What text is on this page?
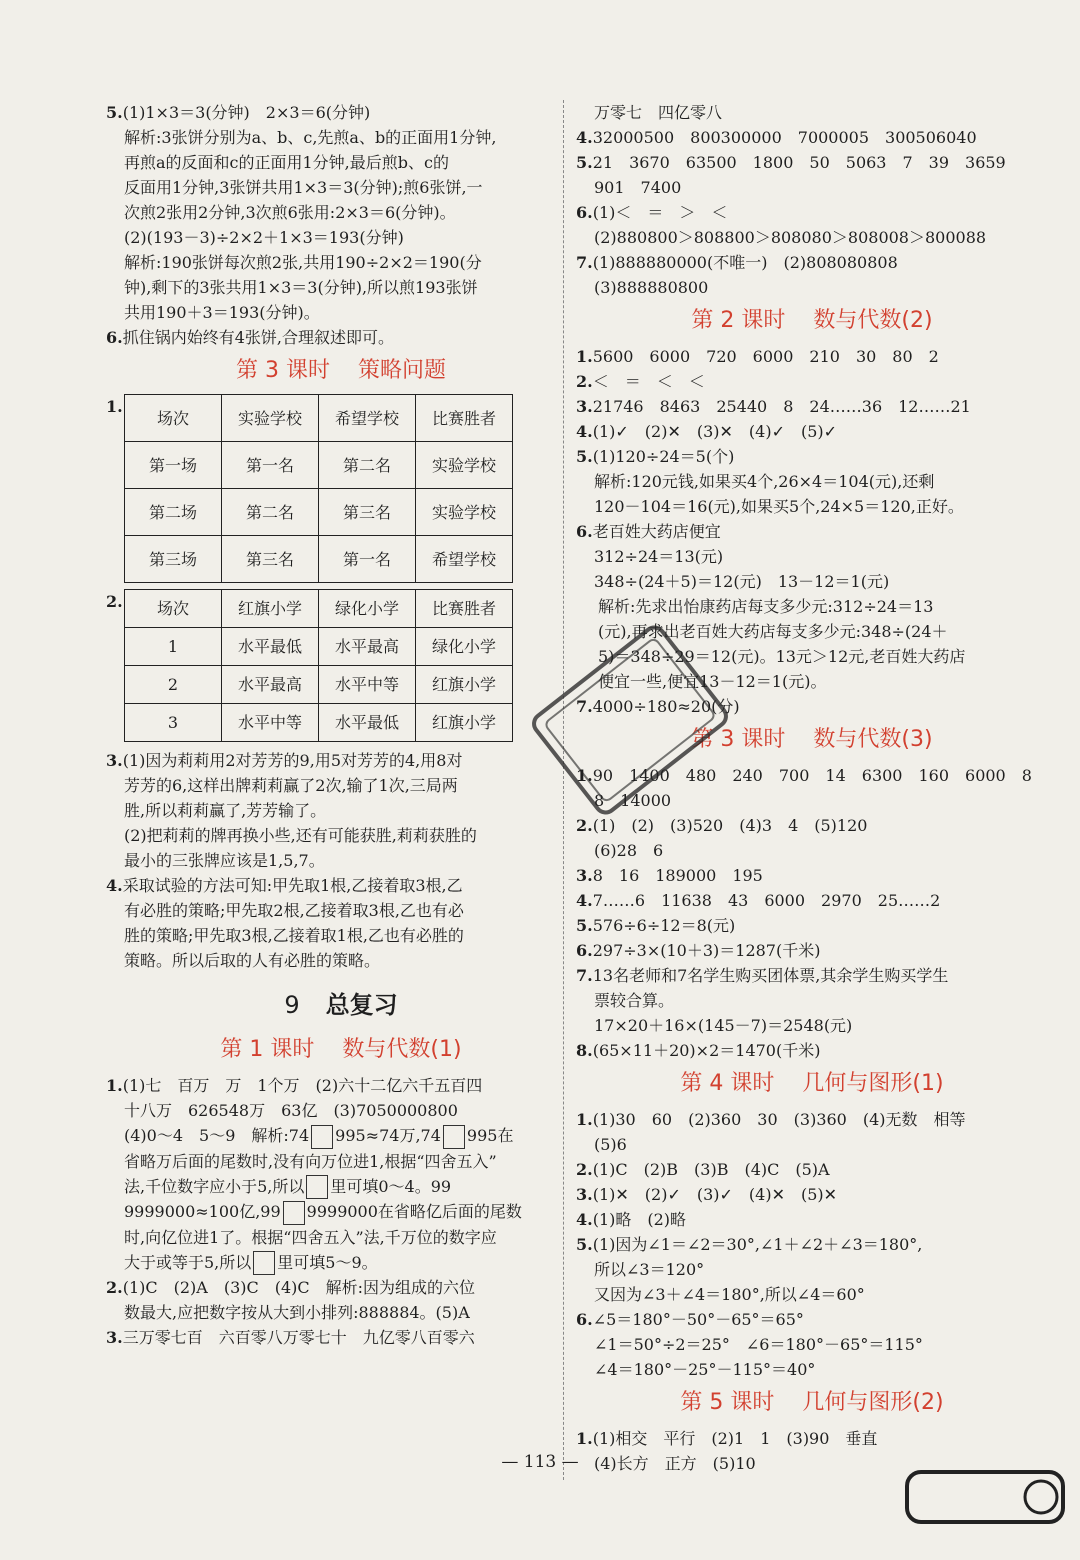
5.(1)1×3＝3(分钟)　2×3＝6(分钟)
解析:3张饼分别为a、b、c,先煎a、b的正面用1分钟,
再煎a的反面和c的正面用1分钟,最后煎b、c的
反面用1分钟,3张饼共用1×3＝3(分钟);煎6张饼,一
次煎2张用2分钟,3次煎6张用:2×3＝6(分钟)。
(2)(193－3)÷2×2＋1×3＝193(分钟)
解析:190张饼每次煎2张,共用190÷2×2＝190(分
钟),剩下的3张共用1×3＝3(分钟),所以煎193张饼
共用190＋3＝193(分钟)。
6.抓住锅内始终有4张饼,合理叙述即可。
第 3 课时 策略问题
1.
场次	实验学校	希望学校	比赛胜者
第一场	第一名	第二名	实验学校
第二场	第二名	第三名	实验学校
第三场	第三名	第一名	希望学校
2. 场次	红旗小学	绿化小学	比赛胜者
1	水平最低	水平最高	绿化小学
2	水平最高	水平中等	红旗小学
3	水平中等	水平最低	红旗小学
3.(1)因为莉莉用2对芳芳的9,用5对芳芳的4,用8对
芳芳的6,这样出牌莉莉赢了2次,输了1次,三局两
胜,所以莉莉赢了,芳芳输了。
(2)把莉莉的牌再换小些,还有可能获胜,莉莉获胜的
最小的三张牌应该是1,5,7。
4.采取试验的方法可知:甲先取1根,乙接着取3根,乙
有必胜的策略;甲先取2根,乙接着取3根,乙也有必
胜的策略;甲先取3根,乙接着取1根,乙也有必胜的
策略。所以后取的人有必胜的策略。
9 总复习
第 1 课时 数与代数(1)
1.(1)七　百万　万　1个万　(2)六十二亿六千五百四
十八万　626548万　63亿　(3)7050000800
(4)0～4　5～9　解析:74 995≈74万,74 995在
省略万后面的尾数时,没有向万位进1,根据“四舍五入”
法,千位数字应小于5,所以 里可填0～4。99
9999000≈100亿,99 9999000在省略亿后面的尾数
时,向亿位进1了。根据“四舍五入”法,千万位的数字应
大于或等于5,所以 里可填5～9。
2.(1)C　(2)A　(3)C　(4)C　解析:因为组成的六位
数最大,应把数字按从大到小排列:888884。(5)A
3.三万零七百　六百零八万零七十　九亿零八百零六
万零七　四亿零八
4.32000500　800300000　7000005　300506040
5.21　3670　63500　1800　50　5063　7　39　3659
901　7400
6.(1)＜　＝　＞　＜
(2)880800＞808800＞808080＞808008＞800088
7.(1)888880000(不唯一)　(2)808080808
(3)888880800
第 2 课时 数与代数(2)
1.5600　6000　720　6000　210　30　80　2
2.＜　＝　＜　＜
3.21746　8463　25440　8　24……36　12……21
4.(1)✓　(2)✕　(3)✕　(4)✓　(5)✓
5.(1)120÷24＝5(个)
解析:120元钱,如果买4个,26×4＝104(元),还剩
120－104＝16(元),如果买5个,24×5＝120,正好。
6.老百姓大药店便宜
312÷24＝13(元)
348÷(24＋5)＝12(元)　13－12＝1(元)
解析:先求出怡康药店每支多少元:312÷24＝13
(元),再求出老百姓大药店每支多少元:348÷(24＋
5)＝348÷29＝12(元)。13元＞12元,老百姓大药店
便宜一些,便宜13－12＝1(元)。
7.4000÷180≈20(分)
第 3 课时 数与代数(3)
1.90　1400　480　240　700　14　6300　160　6000　8
8　14000
2.(1)　(2)　(3)520　(4)3　4　(5)120
(6)28　6
3.8　16　189000　195
4.7……6　11638　43　6000　2970　25……2
5.576÷6÷12＝8(元)
6.297÷3×(10＋3)＝1287(千米)
7.13名老师和7名学生购买团体票,其余学生购买学生
票较合算。
17×20＋16×(145－7)＝2548(元)
8.(65×11＋20)×2＝1470(千米)
第 4 课时 几何与图形(1)
1.(1)30　60　(2)360　30　(3)360　(4)无数　相等
(5)6
2.(1)C　(2)B　(3)B　(4)C　(5)A
3.(1)✕　(2)✓　(3)✓　(4)✕　(5)✕
4.(1)略　(2)略
5.(1)因为∠1＝∠2＝30°,∠1＋∠2＋∠3＝180°,
所以∠3＝120°
又因为∠3＋∠4＝180°,所以∠4＝60°
6.∠5＝180°－50°－65°＝65°
∠1＝50°÷2＝25°　∠6＝180°－65°＝115°
∠4＝180°－25°－115°＝40°
第 5 课时 几何与图形(2)
1.(1)相交　平行　(2)1　1　(3)90　垂直
(4)长方　正方　(5)10
— 113 —
